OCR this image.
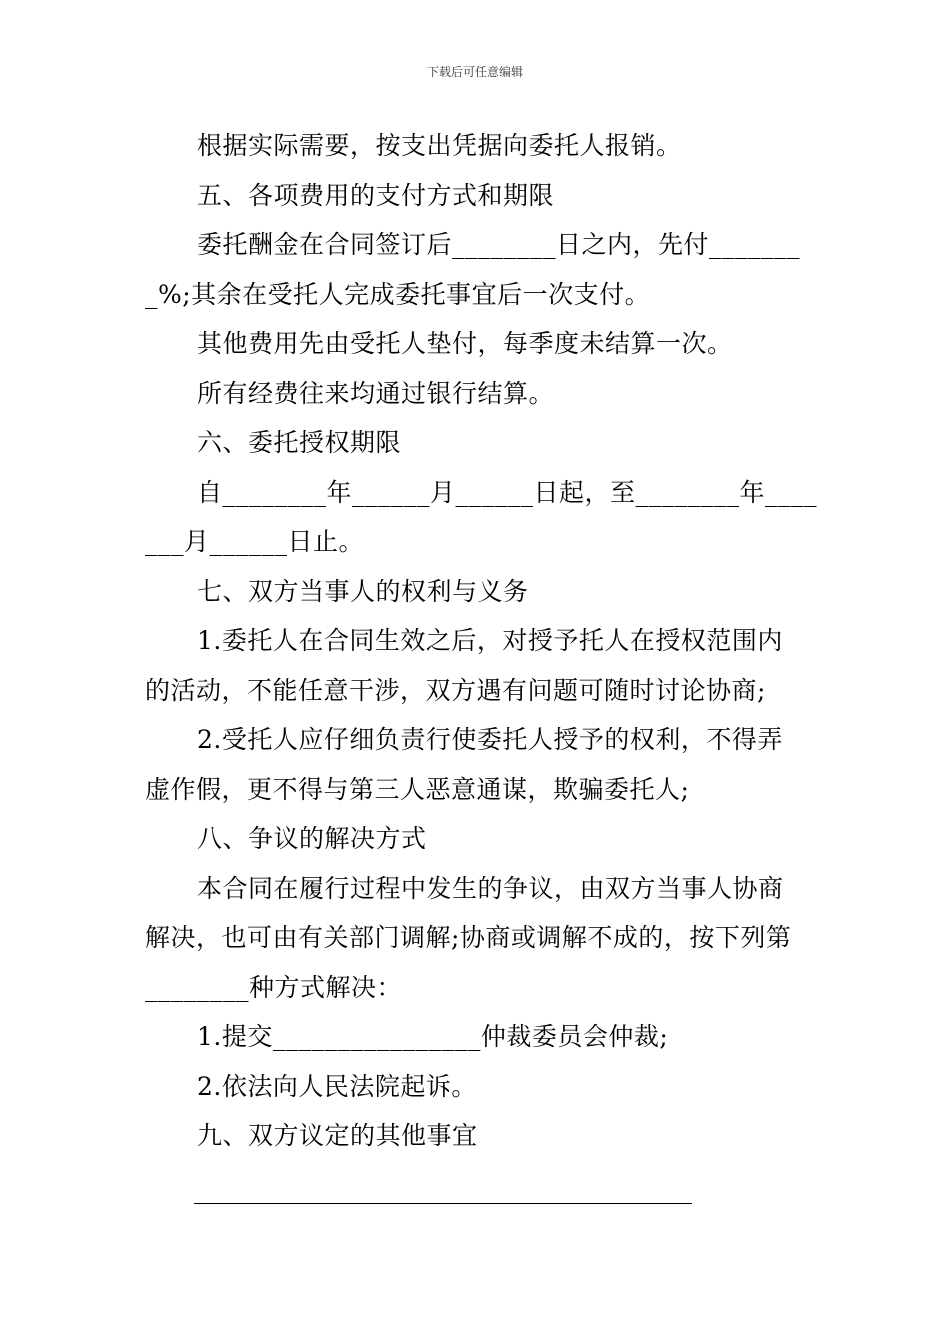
下载后可任意编辑
根据实际需要，按支出凭据向委托人报销。
五、各项费用的支付方式和期限
委托酬金在合同签订后________日之内，先付_______
_%;其余在受托人完成委托事宜后一次支付。
其他费用先由受托人垫付，每季度未结算一次。
所有经费往来均通过银行结算。
六、委托授权期限
自________年______月______日起，至________年____
___月______日止。
七、双方当事人的权利与义务
1.委托人在合同生效之后，对授予托人在授权范围内
的活动，不能任意干涉，双方遇有问题可随时讨论协商;
2.受托人应仔细负责行使委托人授予的权利，不得弄
虚作假，更不得与第三人恶意通谋，欺骗委托人;
八、争议的解决方式
本合同在履行过程中发生的争议，由双方当事人协商
解决，也可由有关部门调解;协商或调解不成的，按下列第
________种方式解决：
1.提交________________仲裁委员会仲裁;
2.依法向人民法院起诉。
九、双方议定的其他事宜
